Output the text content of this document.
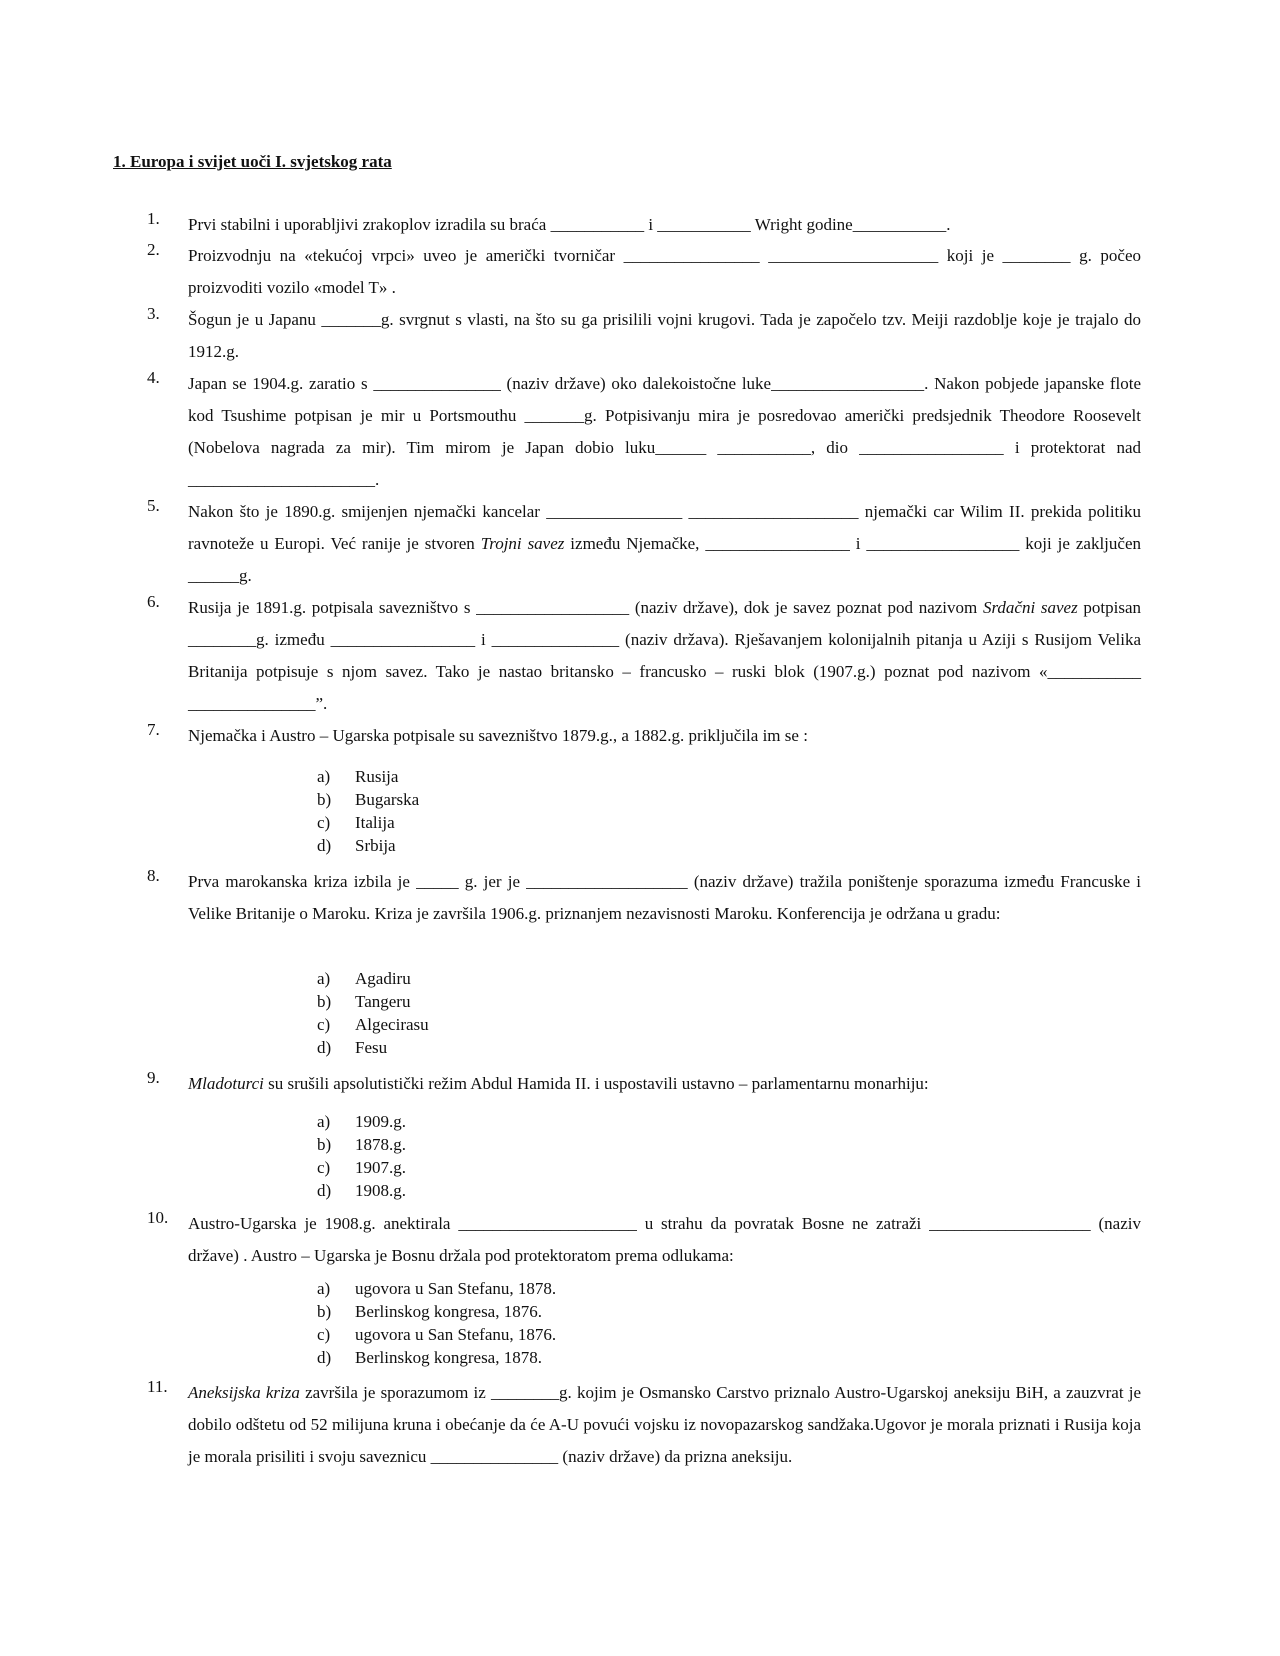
1. Europa i svijet uoči I. svjetskog rata
1.	Prvi stabilni i uporabljivi zrakoplov izradila su braća ___________ i ___________ Wright godine___________.
2.	Proizvodnju na «tekućoj vrpci» uveo je američki tvorničar ________________ ____________________ koji je ________ g. počeo proizvoditi vozilo «model T» .
3.	Šogun je u Japanu _______g. svrgnut s vlasti, na što su ga prisilili vojni krugovi. Tada je započelo tzv. Meiji razdoblje koje je trajalo do 1912.g.
4.	Japan se 1904.g. zaratio s _______________ (naziv države) oko dalekoistočne luke__________________. Nakon pobjede japanske flote kod Tsushime potpisan je mir u Portsmouthu _______g. Potpisivanju mira je posredovao američki predsjednik Theodore Roosevelt (Nobelova nagrada za mir). Tim mirom je Japan dobio luku______ ___________, dio _________________ i protektorat nad ______________________.
5.	Nakon što je 1890.g. smijenjen njemački kancelar ________________ ____________________ njemački car Wilim II. prekida politiku ravnoteže u Europi. Već ranije je stvoren Trojni savez između Njemačke, _________________ i __________________ koji je zaključen ______g.
6.	Rusija je 1891.g. potpisala savezništvo s __________________ (naziv države), dok je savez poznat pod nazivom Srdačni savez potpisan ________g. između _________________ i _______________ (naziv država). Rješavanjem kolonijalnih pitanja u Aziji s Rusijom Velika Britanija potpisuje s njom savez. Tako je nastao britansko – francusko – ruski blok (1907.g.) poznat pod nazivom «___________ _______________”.
7.	Njemačka i Austro – Ugarska potpisale su savezništvo 1879.g., a 1882.g. priključila im se :
a)	Rusija
b)	Bugarska
c)	Italija
d)	Srbija
8.	Prva marokanska kriza izbila je _____ g. jer je ___________________ (naziv države) tražila poništenje sporazuma između Francuske i Velike Britanije o Maroku. Kriza je završila 1906.g. priznanjem nezavisnosti Maroku. Konferencija je održana u gradu:
a)	Agadiru
b)	Tangeru
c)	Algecirasu
d)	Fesu
9.	Mladoturci su srušili apsolutistički režim Abdul Hamida II. i uspostavili ustavno – parlamentarnu monarhiju:
a)	1909.g.
b)	1878.g.
c)	1907.g.
d)	1908.g.
10.	Austro-Ugarska je 1908.g. anektirala _____________________ u strahu da povratak Bosne ne zatraži ___________________ (naziv države) . Austro – Ugarska je Bosnu držala pod protektoratom prema odlukama:
a)	ugovora u San Stefanu, 1878.
b)	Berlinskog kongresa, 1876.
c)	ugovora u San Stefanu, 1876.
d)	Berlinskog kongresa, 1878.
11.	Aneksijska kriza završila je sporazumom iz ________g. kojim je Osmansko Carstvo priznalo Austro-Ugarskoj aneksiju BiH, a zauzvrat je dobilo odštetu od 52 milijuna kruna i obećanje da će A-U povući vojsku iz novopazarskog sandžaka.Ugovor je morala priznati i Rusija koja je morala prisiliti i svoju saveznicu _______________ (naziv države) da prizna aneksiju.
